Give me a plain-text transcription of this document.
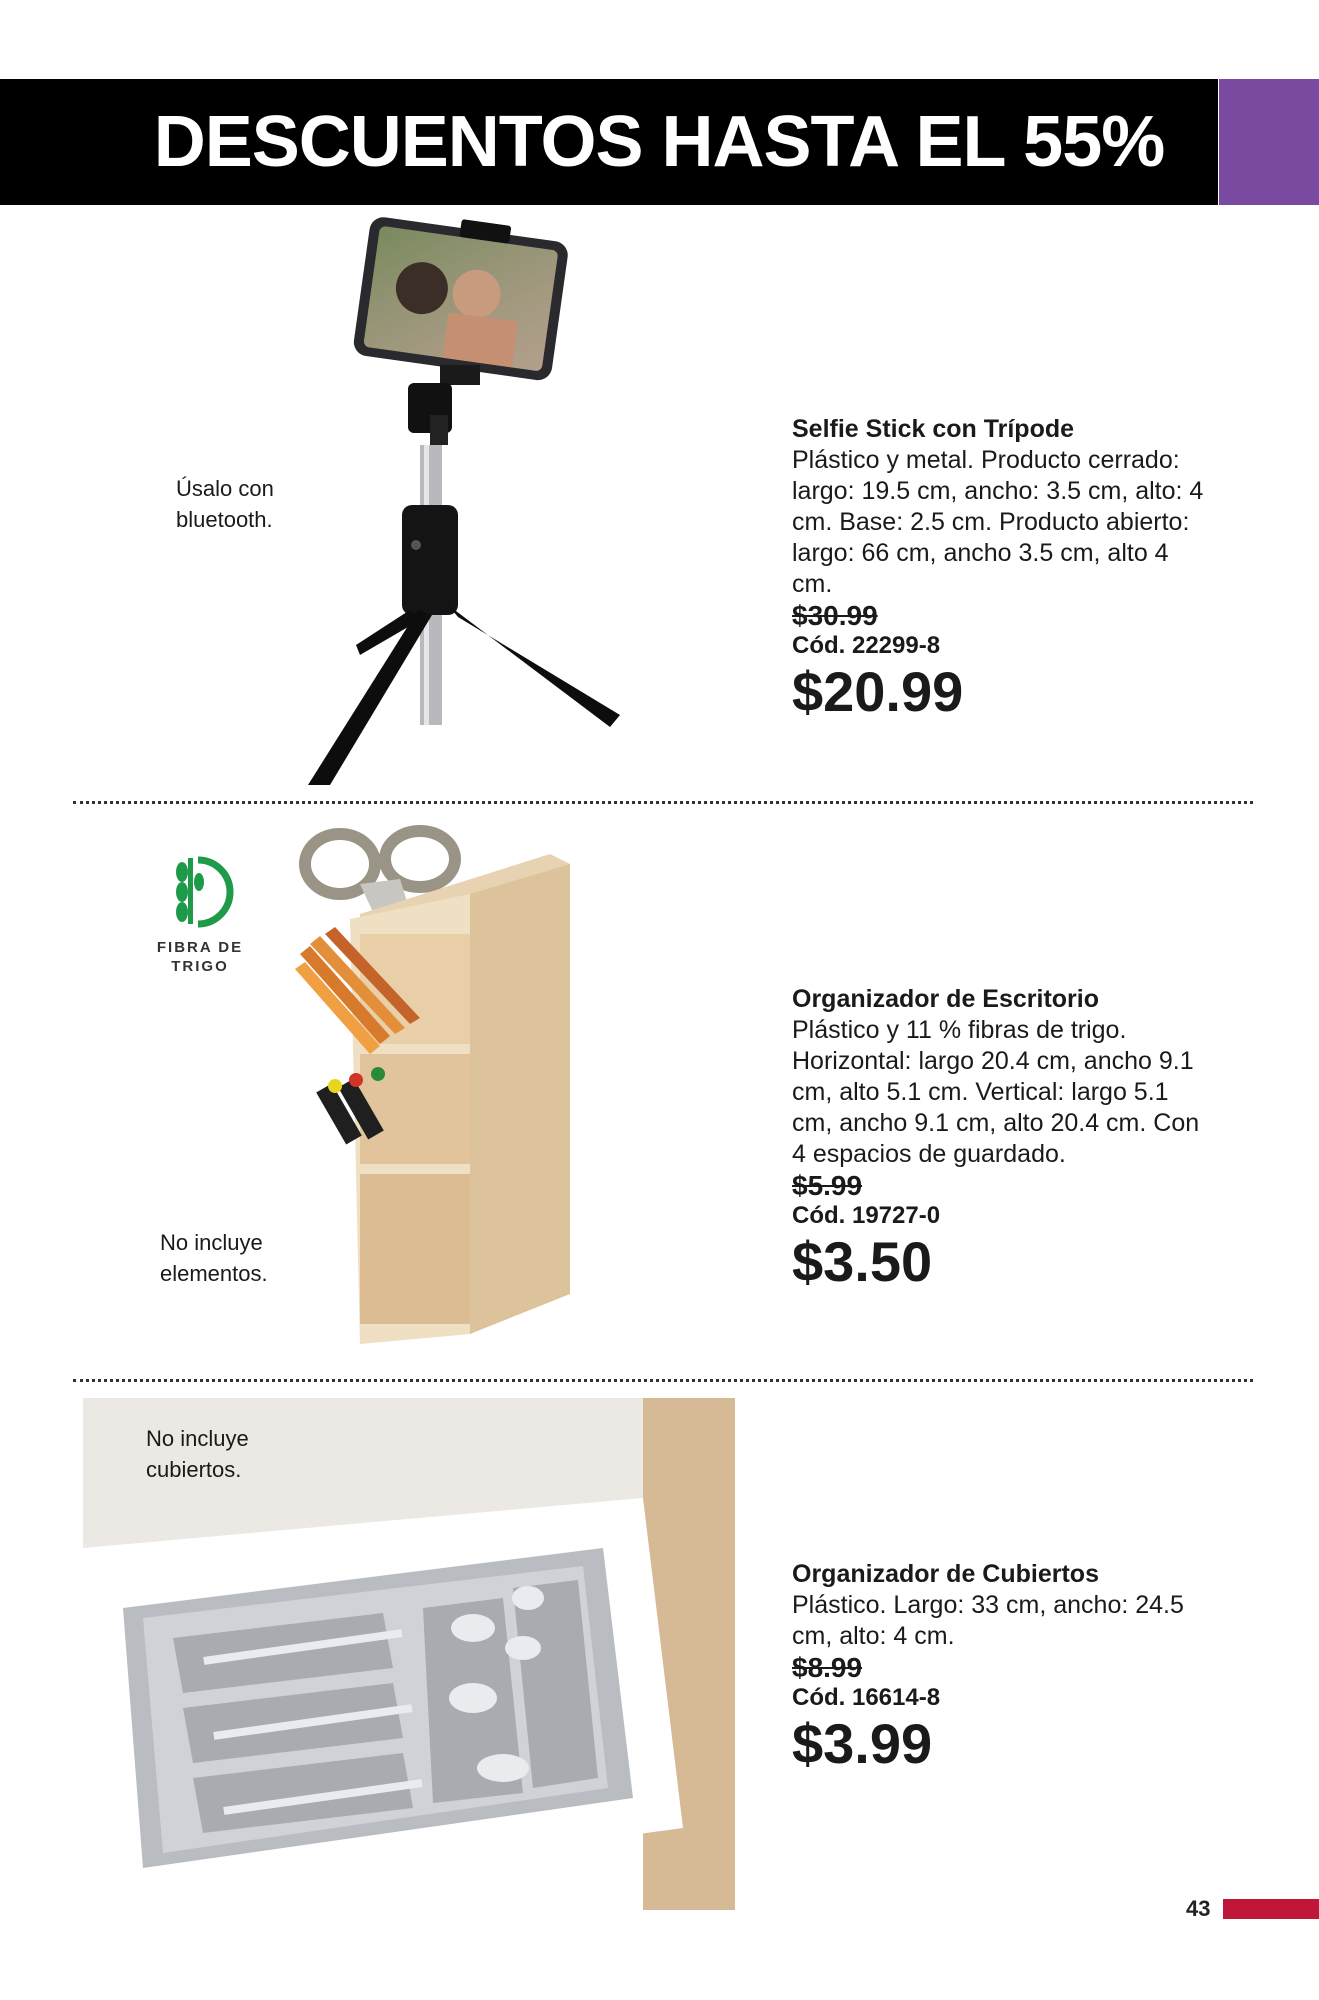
DESCUENTOS HASTA EL 55%
Úsalo con bluetooth.
Selfie Stick con Trípode
Plástico y metal. Producto cerrado: largo: 19.5 cm, ancho: 3.5 cm, alto: 4 cm. Base: 2.5 cm. Producto abierto: largo: 66 cm, ancho 3.5 cm, alto 4 cm.
$30.99
Cód. 22299-8
$20.99
FIBRA DE TRIGO
No incluye elementos.
Organizador de Escritorio
Plástico y 11 % fibras de trigo. Horizontal: largo 20.4 cm, ancho 9.1 cm, alto 5.1 cm. Vertical: largo 5.1 cm, ancho 9.1 cm, alto 20.4 cm. Con 4 espacios de guardado.
$5.99
Cód. 19727-0
$3.50
No incluye cubiertos.
Organizador de Cubiertos
Plástico. Largo: 33 cm, ancho: 24.5 cm, alto: 4 cm.
$8.99
Cód. 16614-8
$3.99
43
